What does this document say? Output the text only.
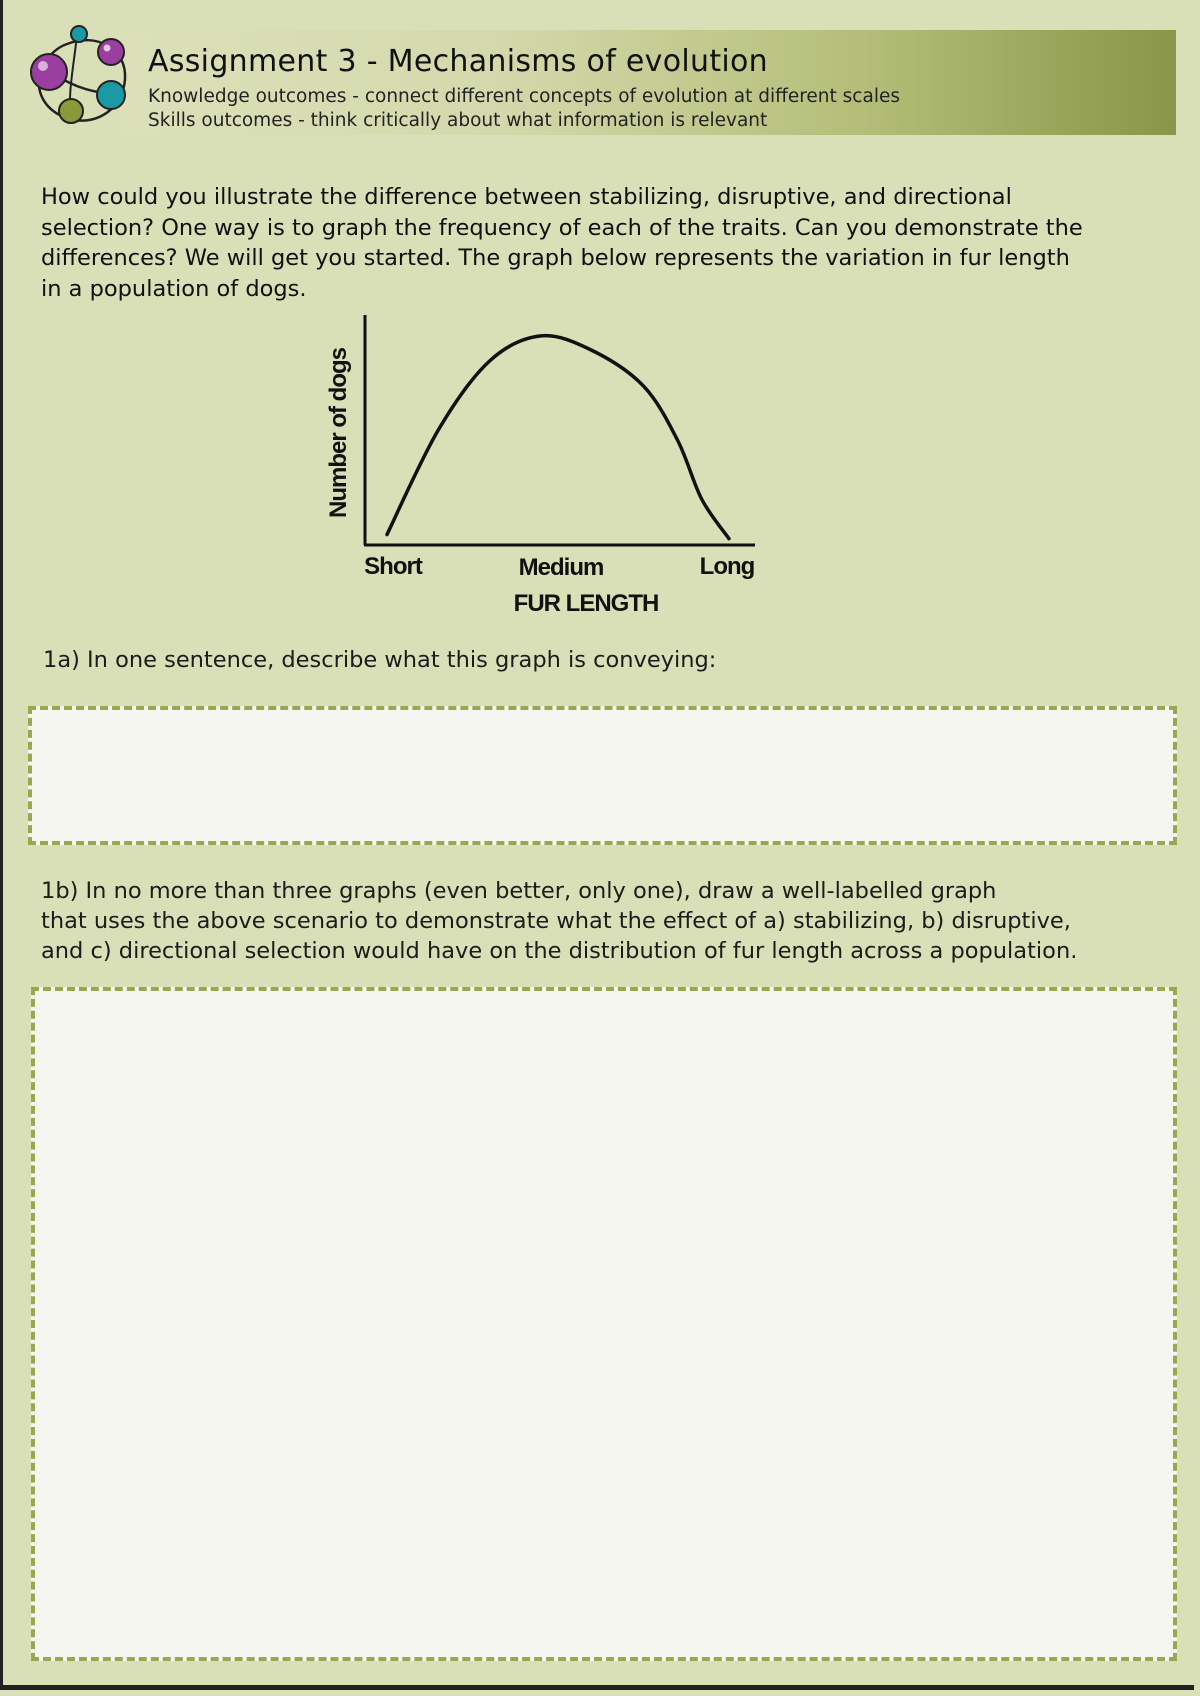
Assignment 3 - Mechanisms of evolution
Knowledge outcomes - connect different concepts of evolution at different scales
Skills outcomes - think critically about what information is relevant
How could you illustrate the difference between stabilizing, disruptive, and directional
selection? One way is to graph the frequency of each of the traits. Can you demonstrate the
differences? We will get you started. The graph below represents the variation in fur length
in a population of dogs.
Number of dogs
Short	Medium	Long
FUR LENGTH
1a) In one sentence, describe what this graph is conveying:
1b) In no more than three graphs (even better, only one), draw a well-labelled graph
that uses the above scenario to demonstrate what the effect of a) stabilizing, b) disruptive,
and c) directional selection would have on the distribution of fur length across a population.
